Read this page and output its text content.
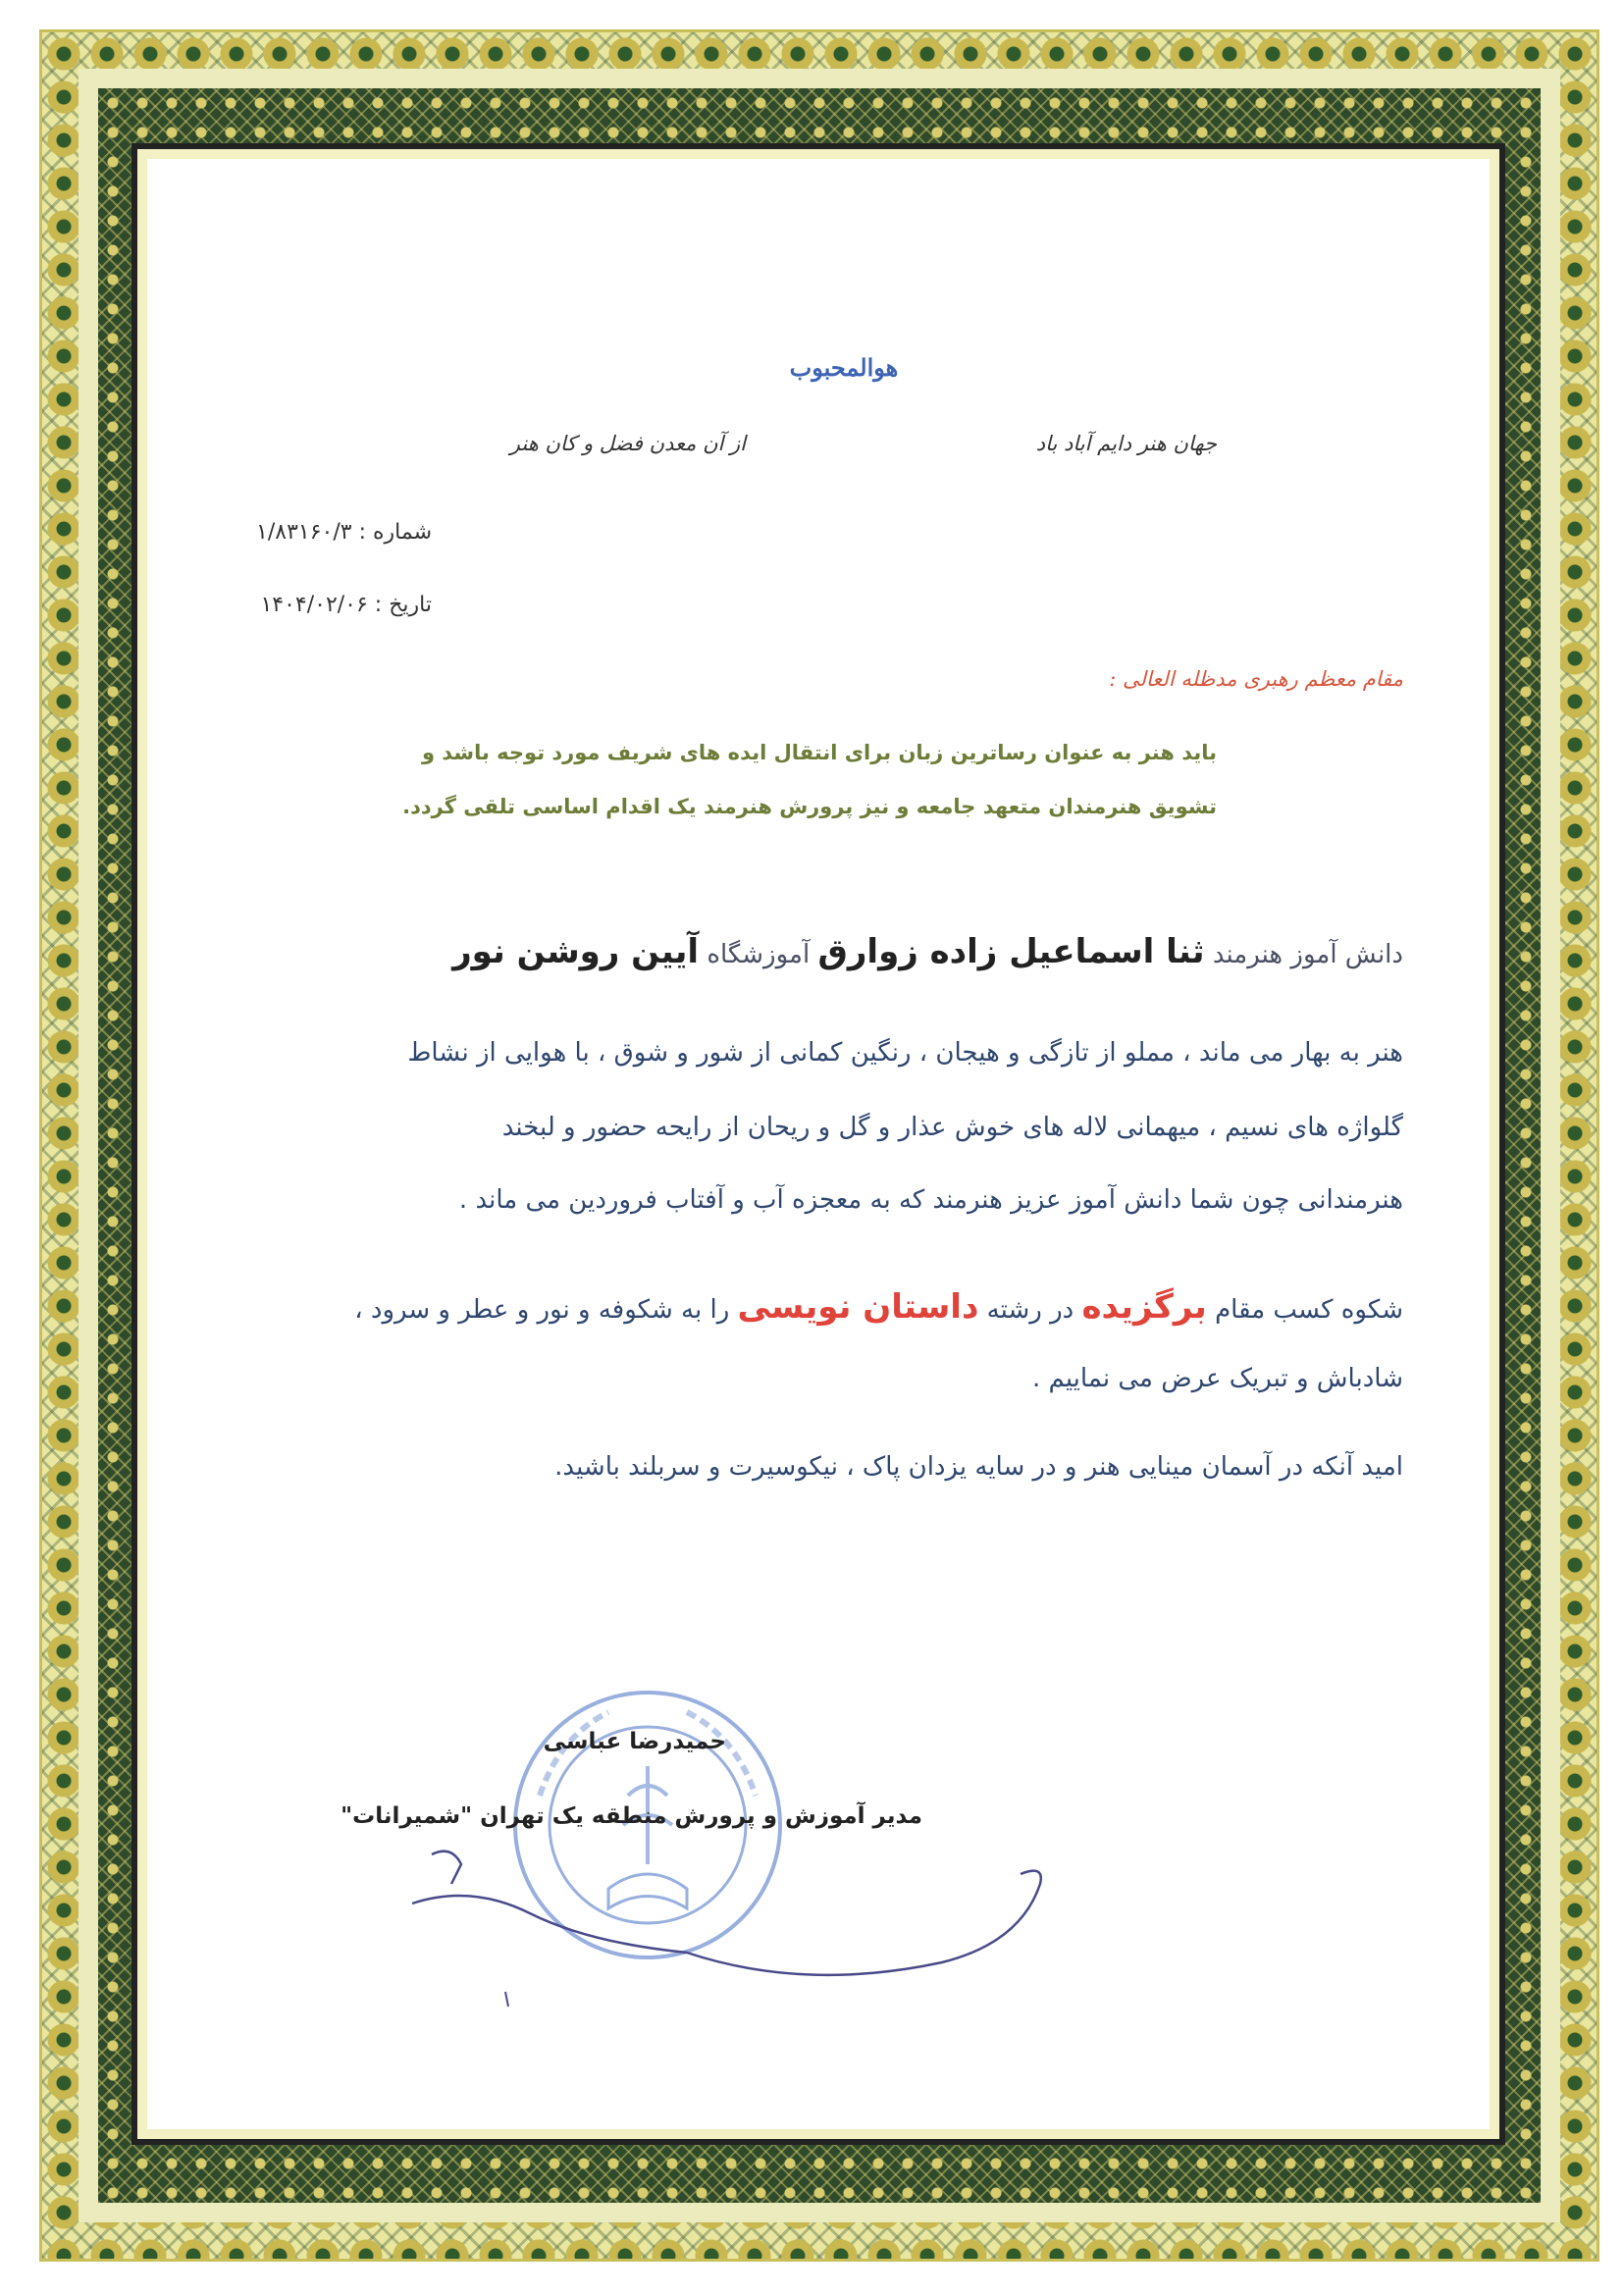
هوالمحبوب
جهان هنر دایم آباد باد
از آن معدن فضل و کان هنر
شماره : ۱/۸۳۱۶۰/۳
تاریخ : ۱۴۰۴/۰۲/۰۶
مقام معظم رهبری مدظله العالی :
باید هنر به عنوان رساترین زبان برای انتقال ایده های شریف مورد توجه باشد و
تشویق هنرمندان متعهد جامعه و نیز پرورش هنرمند یک اقدام اساسی تلقی گردد.
دانش آموز هنرمند ثنا اسماعیل زاده زوارق آموزشگاه آیین روشن نور
هنر به بهار می ماند ، مملو از تازگی و هیجان ، رنگین کمانی از شور و شوق ، با هوایی از نشاط
گلواژه های نسیم ، میهمانی لاله های خوش عذار و گل و ریحان از رایحه حضور و لبخند
هنرمندانی چون شما دانش آموز عزیز هنرمند که به معجزه آب و آفتاب فروردین می ماند .
شکوه کسب مقام برگزیده در رشته داستان نویسی را به شکوفه و نور و عطر و سرود ،
شادباش و تبریک عرض می نماییم .
امید آنکه در آسمان مینایی هنر و در سایه یزدان پاک ، نیکوسیرت و سربلند باشید.
حمیدرضا عباسی
مدیر آموزش و پرورش منطقه یک تهران "شمیرانات"
